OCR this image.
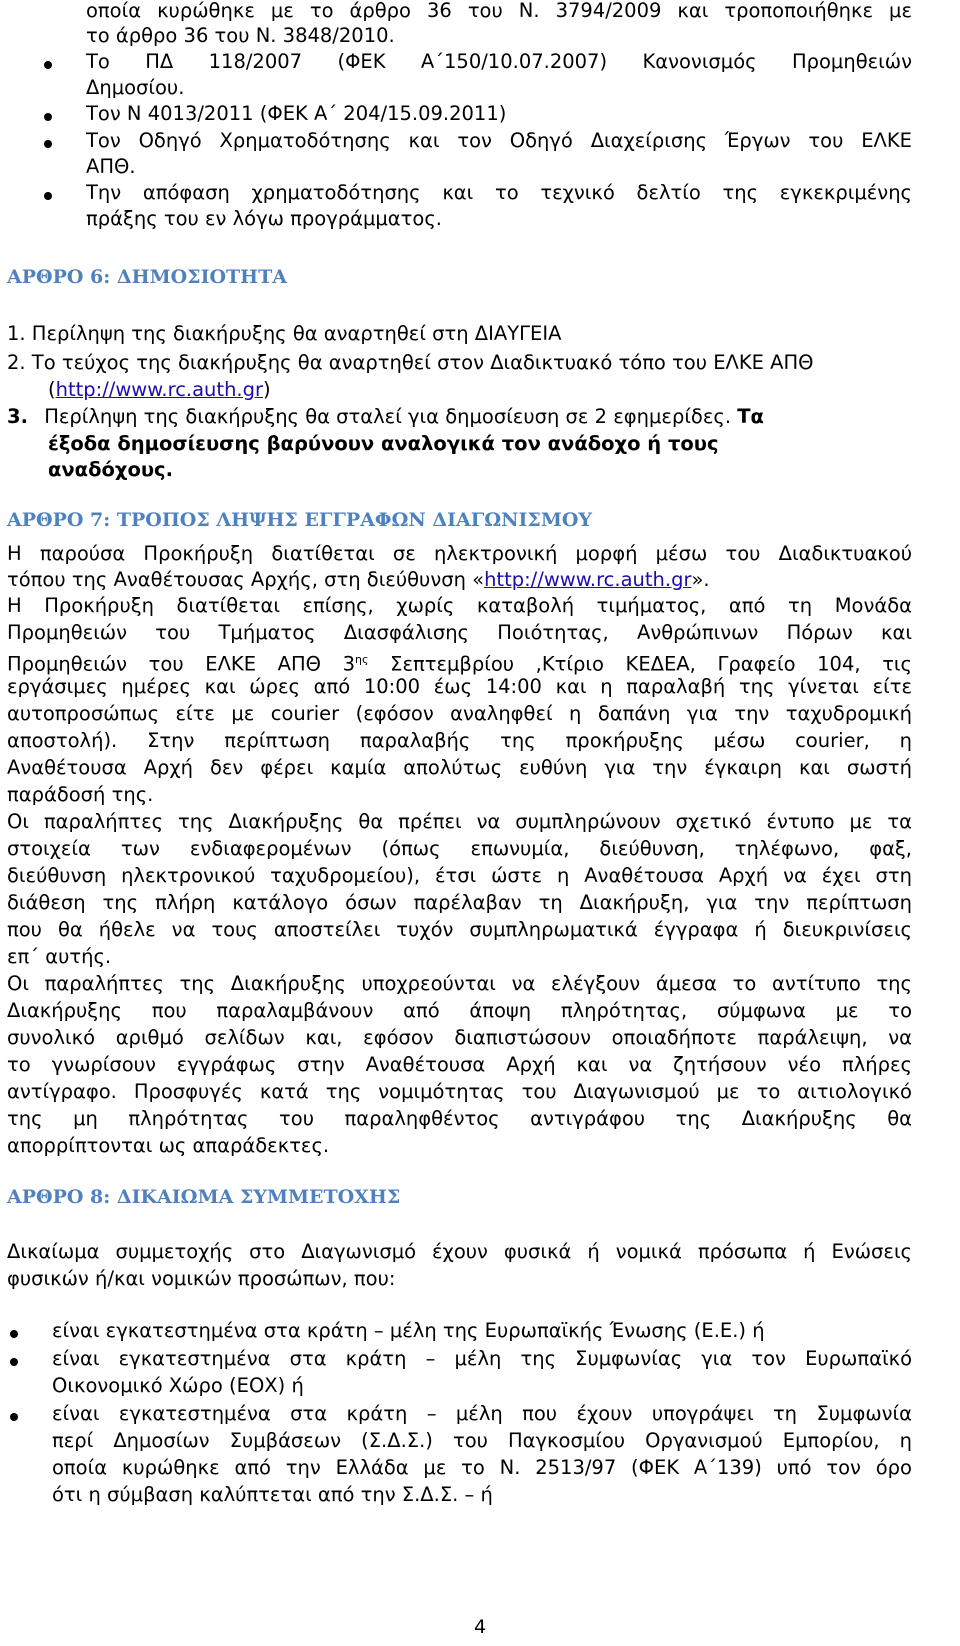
οποία κυρώθηκε με το άρθρο 36 του Ν. 3794/2009 και τροποποιήθηκε με
το άρθρο 36 του Ν. 3848/2010.
Το ΠΔ 118/2007 (ΦΕΚ Α΄150/10.07.2007) Κανονισμός Προμηθειών
Δημοσίου.
Τον Ν 4013/2011 (ΦΕΚ Α΄ 204/15.09.2011)
Τον Οδηγό Χρηματοδότησης και τον Οδηγό Διαχείρισης Έργων του ΕΛΚΕ
ΑΠΘ.
Την απόφαση χρηματοδότησης και το τεχνικό δελτίο της εγκεκριμένης
πράξης του εν λόγω προγράμματος.
ΑΡΘΡΟ 6: ΔΗΜΟΣΙΟΤΗΤΑ
1. Περίληψη της διακήρυξης θα αναρτηθεί στη ΔΙΑΥΓΕΙΑ
2. Το τεύχος της διακήρυξης θα αναρτηθεί στον Διαδικτυακό τόπο του ΕΛΚΕ ΑΠΘ
(http://www.rc.auth.gr)
3. Περίληψη της διακήρυξης θα σταλεί για δημοσίευση σε 2 εφημερίδες. Τα
έξοδα δημοσίευσης βαρύνουν αναλογικά τον ανάδοχο ή τους
αναδόχους.
ΑΡΘΡΟ 7: ΤΡΟΠΟΣ ΛΗΨΗΣ ΕΓΓΡΑΦΩΝ ΔΙΑΓΩΝΙΣΜΟΥ
Η παρούσα Προκήρυξη διατίθεται σε ηλεκτρονική μορφή μέσω του Διαδικτυακού
τόπου της Αναθέτουσας Αρχής, στη διεύθυνση «http://www.rc.auth.gr».
Η Προκήρυξη διατίθεται επίσης, χωρίς καταβολή τιμήματος, από τη Μονάδα
Προμηθειών του Τμήματος Διασφάλισης Ποιότητας, Ανθρώπινων Πόρων και
Προμηθειών του ΕΛΚΕ ΑΠΘ $3^{\eta\varsigma}$ Σεπτεμβρίου ,Κτίριο ΚΕΔΕΑ, Γραφείο 104, τις
εργάσιμες ημέρες και ώρες από 10:00 έως 14:00 και η παραλαβή της γίνεται είτε
αυτοπροσώπως είτε με courier (εφόσον αναληφθεί η δαπάνη για την ταχυδρομική
αποστολή). Στην περίπτωση παραλαβής της προκήρυξης μέσω courier, η
Αναθέτουσα Αρχή δεν φέρει καμία απολύτως ευθύνη για την έγκαιρη και σωστή
παράδοσή της.
Οι παραλήπτες της Διακήρυξης θα πρέπει να συμπληρώνουν σχετικό έντυπο με τα
στοιχεία των ενδιαφερομένων (όπως επωνυμία, διεύθυνση, τηλέφωνο, φαξ,
διεύθυνση ηλεκτρονικού ταχυδρομείου), έτσι ώστε η Αναθέτουσα Αρχή να έχει στη
διάθεση της πλήρη κατάλογο όσων παρέλαβαν τη Διακήρυξη, για την περίπτωση
που θα ήθελε να τους αποστείλει τυχόν συμπληρωματικά έγγραφα ή διευκρινίσεις
επ΄ αυτής.
Οι παραλήπτες της Διακήρυξης υποχρεούνται να ελέγξουν άμεσα το αντίτυπο της
Διακήρυξης που παραλαμβάνουν από άποψη πληρότητας, σύμφωνα με το
συνολικό αριθμό σελίδων και, εφόσον διαπιστώσουν οποιαδήποτε παράλειψη, να
το γνωρίσουν εγγράφως στην Αναθέτουσα Αρχή και να ζητήσουν νέο πλήρες
αντίγραφο. Προσφυγές κατά της νομιμότητας του Διαγωνισμού με το αιτιολογικό
της μη πληρότητας του παραληφθέντος αντιγράφου της Διακήρυξης θα
απορρίπτονται ως απαράδεκτες.
ΑΡΘΡΟ 8: ΔΙΚΑΙΩΜΑ ΣΥΜΜΕΤΟΧΗΣ
Δικαίωμα συμμετοχής στο Διαγωνισμό έχουν φυσικά ή νομικά πρόσωπα ή Ενώσεις
φυσικών ή/και νομικών προσώπων, που:
είναι εγκατεστημένα στα κράτη – μέλη της Ευρωπαϊκής Ένωσης (Ε.Ε.) ή
είναι εγκατεστημένα στα κράτη – μέλη της Συμφωνίας για τον Ευρωπαϊκό
Οικονομικό Χώρο (ΕΟΧ) ή
είναι εγκατεστημένα στα κράτη – μέλη που έχουν υπογράψει τη Συμφωνία
περί Δημοσίων Συμβάσεων (Σ.Δ.Σ.) του Παγκοσμίου Οργανισμού Εμπορίου, η
οποία κυρώθηκε από την Ελλάδα με το Ν. 2513/97 (ΦΕΚ Α΄139) υπό τον όρο
ότι η σύμβαση καλύπτεται από την Σ.Δ.Σ. – ή
4
